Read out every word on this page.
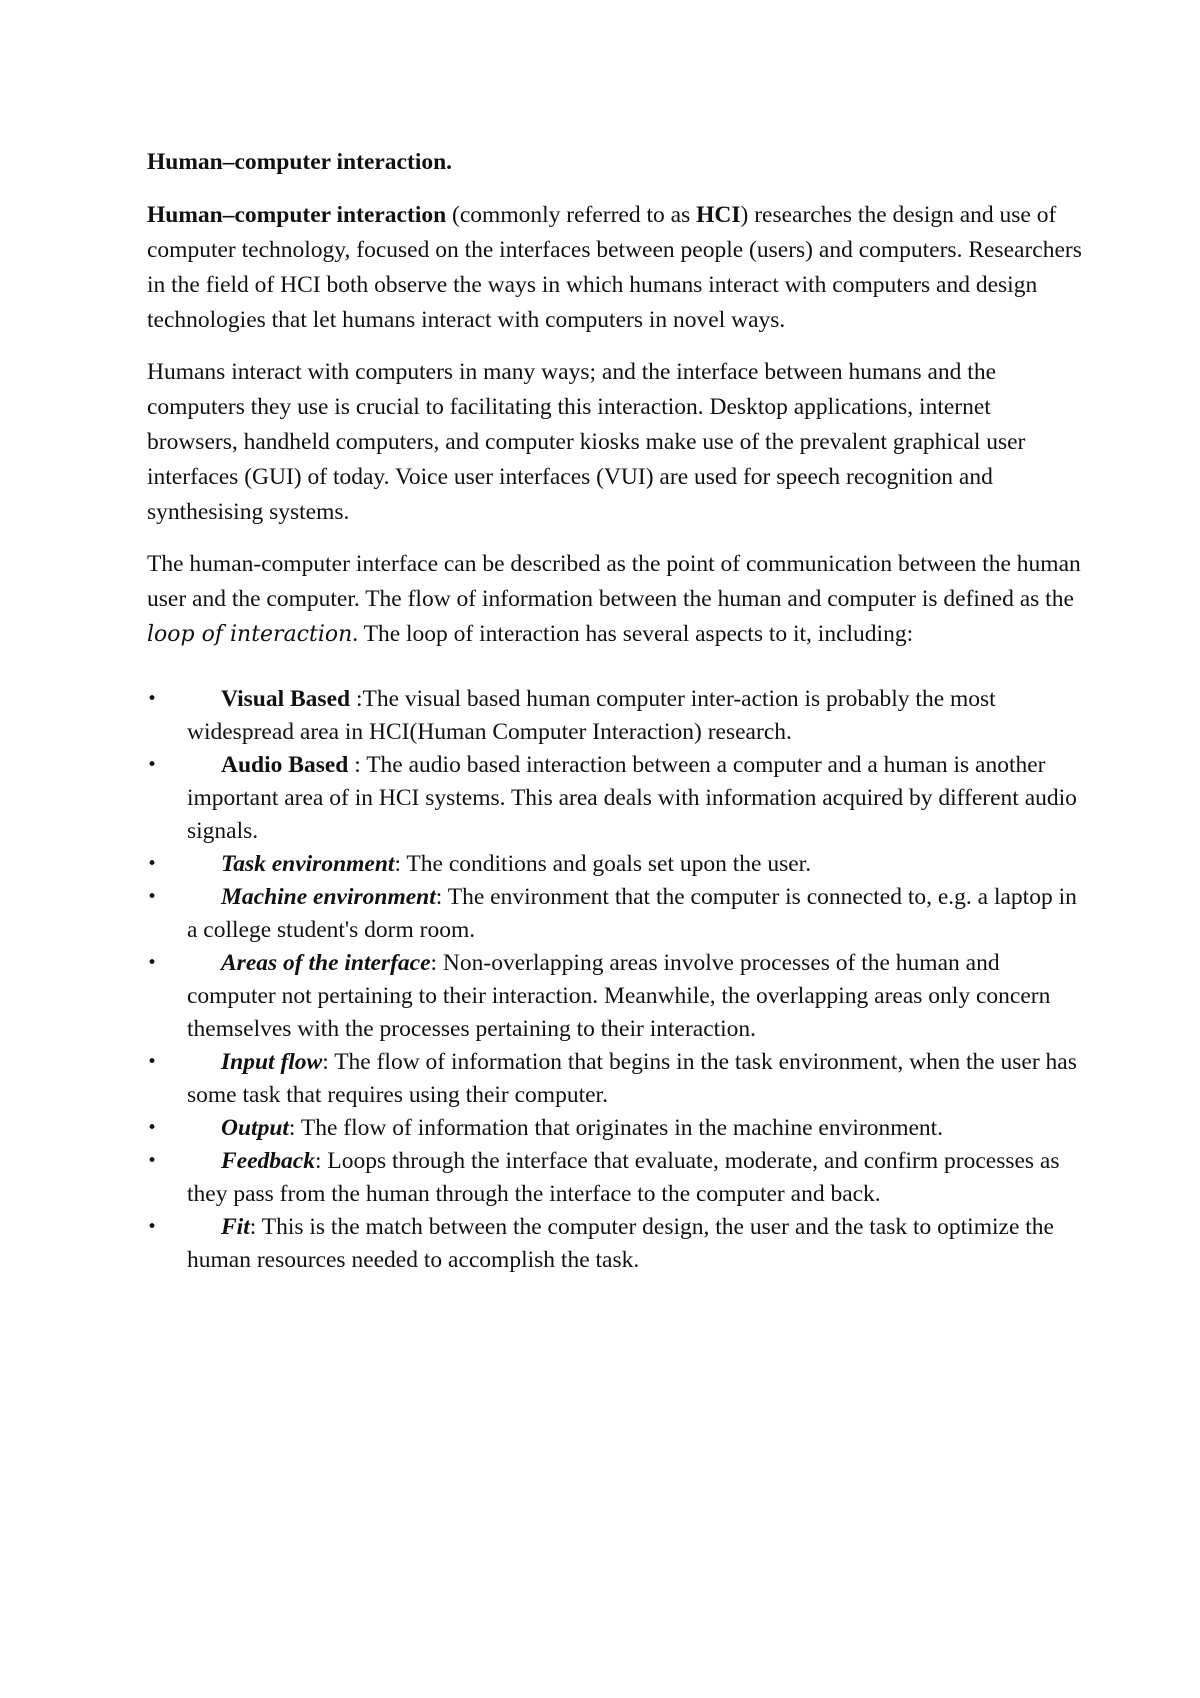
Human–computer interaction.

Human–computer interaction (commonly referred to as HCI) researches the design and use of computer technology, focused on the interfaces between people (users) and computers. Researchers in the field of HCI both observe the ways in which humans interact with computers and design technologies that let humans interact with computers in novel ways.

Humans interact with computers in many ways; and the interface between humans and the computers they use is crucial to facilitating this interaction. Desktop applications, internet browsers, handheld computers, and computer kiosks make use of the prevalent graphical user interfaces (GUI) of today. Voice user interfaces (VUI) are used for speech recognition and synthesising systems.

The human-computer interface can be described as the point of communication between the human user and the computer. The flow of information between the human and computer is defined as the loop of interaction. The loop of interaction has several aspects to it, including:

•	Visual Based :The visual based human computer inter-action is probably the most widespread area in HCI(Human Computer Interaction) research.
•	Audio Based : The audio based interaction between a computer and a human is another important area of in HCI systems. This area deals with information acquired by different audio signals.
•	Task environment: The conditions and goals set upon the user.
•	Machine environment: The environment that the computer is connected to, e.g. a laptop in a college student's dorm room.
•	Areas of the interface: Non-overlapping areas involve processes of the human and computer not pertaining to their interaction. Meanwhile, the overlapping areas only concern themselves with the processes pertaining to their interaction.
•	Input flow: The flow of information that begins in the task environment, when the user has some task that requires using their computer.
•	Output: The flow of information that originates in the machine environment.
•	Feedback: Loops through the interface that evaluate, moderate, and confirm processes as they pass from the human through the interface to the computer and back.
•	Fit: This is the match between the computer design, the user and the task to optimize the human resources needed to accomplish the task.
